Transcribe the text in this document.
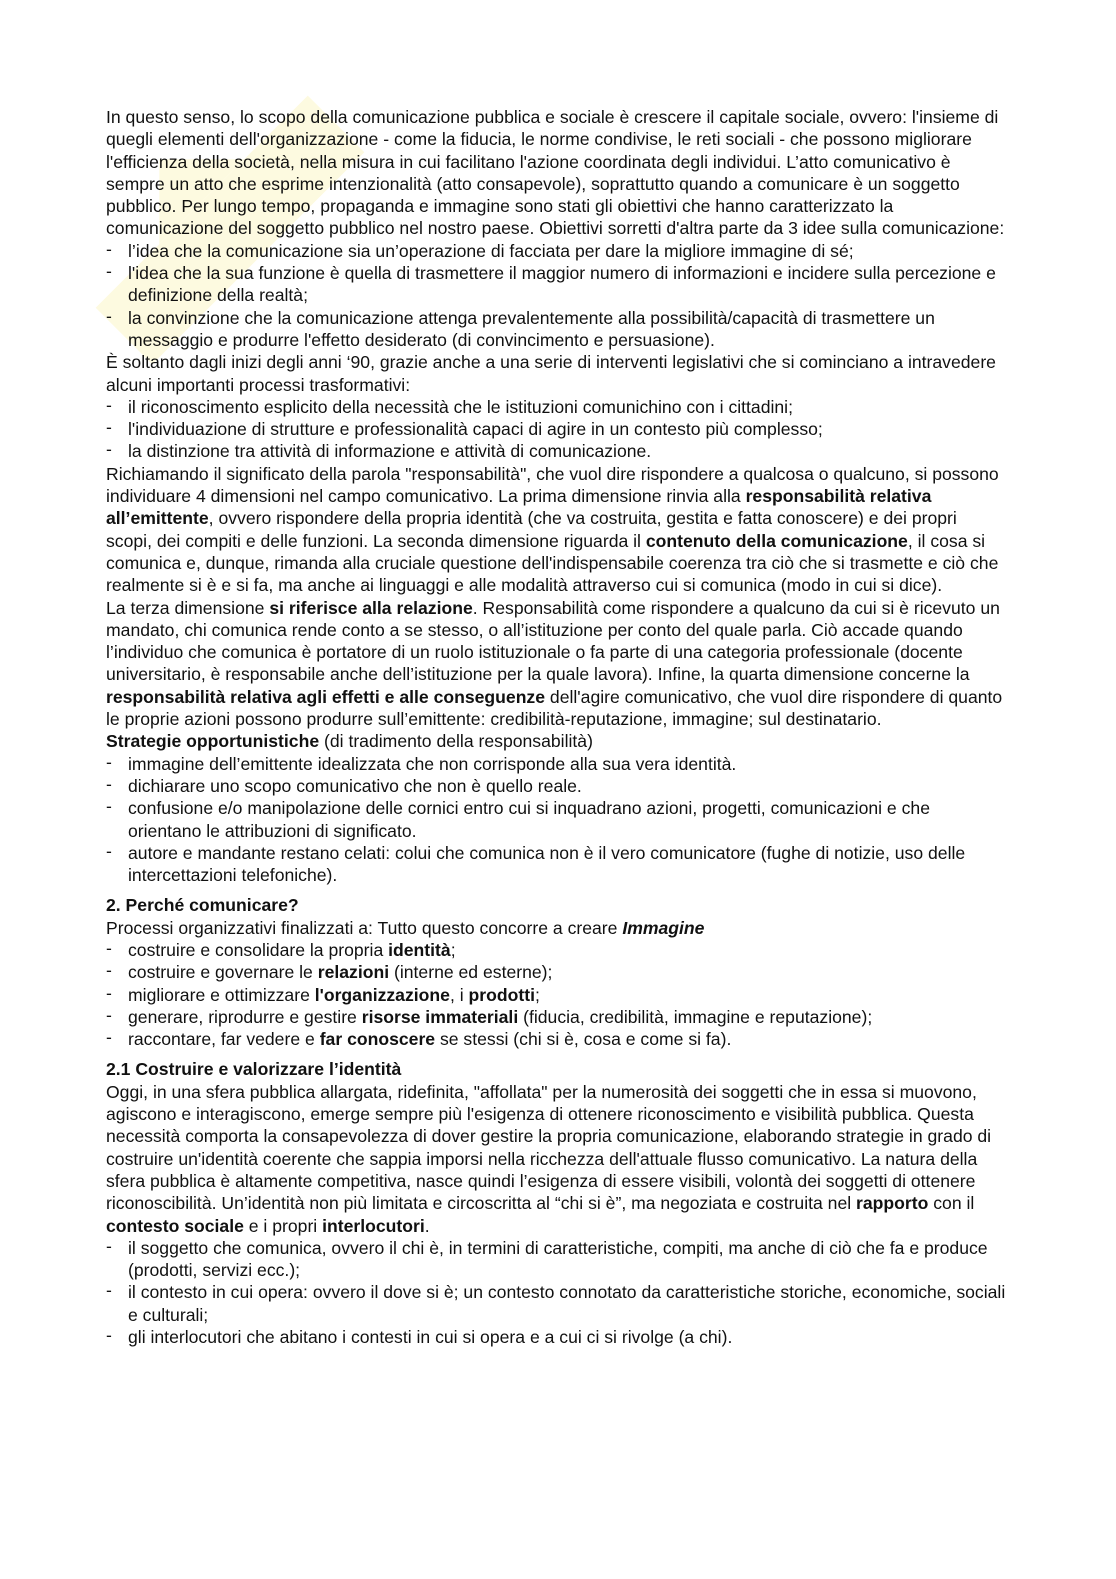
In questo senso, lo scopo della comunicazione pubblica e sociale è crescere il capitale sociale, ovvero: l'insieme di quegli elementi dell'organizzazione - come la fiducia, le norme condivise, le reti sociali - che possono migliorare l'efficienza della società, nella misura in cui facilitano l'azione coordinata degli individui. L’atto comunicativo è sempre un atto che esprime intenzionalità (atto consapevole), soprattutto quando a comunicare è un soggetto pubblico. Per lungo tempo, propaganda e immagine sono stati gli obiettivi che hanno caratterizzato la comunicazione del soggetto pubblico nel nostro paese. Obiettivi sorretti d'altra parte da 3 idee sulla comunicazione:

- l’idea che la comunicazione sia un’operazione di facciata per dare la migliore immagine di sé;
- l'idea che la sua funzione è quella di trasmettere il maggior numero di informazioni e incidere sulla percezione e definizione della realtà;
- la convinzione che la comunicazione attenga prevalentemente alla possibilità/capacità di trasmettere un messaggio e produrre l'effetto desiderato (di convincimento e persuasione).

È soltanto dagli inizi degli anni ‘90, grazie anche a una serie di interventi legislativi che si cominciano a intravedere alcuni importanti processi trasformativi:

- il riconoscimento esplicito della necessità che le istituzioni comunichino con i cittadini;
- l'individuazione di strutture e professionalità capaci di agire in un contesto più complesso;
- la distinzione tra attività di informazione e attività di comunicazione.

Richiamando il significato della parola "responsabilità", che vuol dire rispondere a qualcosa o qualcuno, si possono individuare 4 dimensioni nel campo comunicativo. La prima dimensione rinvia alla responsabilità relativa all’emittente, ovvero rispondere della propria identità (che va costruita, gestita e fatta conoscere) e dei propri scopi, dei compiti e delle funzioni. La seconda dimensione riguarda il contenuto della comunicazione, il cosa si comunica e, dunque, rimanda alla cruciale questione dell'indispensabile coerenza tra ciò che si trasmette e ciò che realmente si è e si fa, ma anche ai linguaggi e alle modalità attraverso cui si comunica (modo in cui si dice).

La terza dimensione si riferisce alla relazione. Responsabilità come rispondere a qualcuno da cui si è ricevuto un mandato, chi comunica rende conto a se stesso, o all’istituzione per conto del quale parla. Ciò accade quando l’individuo che comunica è portatore di un ruolo istituzionale o fa parte di una categoria professionale (docente universitario, è responsabile anche dell’istituzione per la quale lavora). Infine, la quarta dimensione concerne la responsabilità relativa agli effetti e alle conseguenze dell'agire comunicativo, che vuol dire rispondere di quanto le proprie azioni possono produrre sull’emittente: credibilità-reputazione, immagine; sul destinatario.

Strategie opportunistiche (di tradimento della responsabilità)

- immagine dell’emittente idealizzata che non corrisponde alla sua vera identità.
- dichiarare uno scopo comunicativo che non è quello reale.
- confusione e/o manipolazione delle cornici entro cui si inquadrano azioni, progetti, comunicazioni e che orientano le attribuzioni di significato.
- autore e mandante restano celati: colui che comunica non è il vero comunicatore (fughe di notizie, uso delle intercettazioni telefoniche).
2. Perché comunicare?

Processi organizzativi finalizzati a: Tutto questo concorre a creare Immagine

- costruire e consolidare la propria identità;
- costruire e governare le relazioni (interne ed esterne);
- migliorare e ottimizzare l'organizzazione, i prodotti;
- generare, riprodurre e gestire risorse immateriali (fiducia, credibilità, immagine e reputazione);
- raccontare, far vedere e far conoscere se stessi (chi si è, cosa e come si fa).
2.1 Costruire e valorizzare l’identità

Oggi, in una sfera pubblica allargata, ridefinita, "affollata" per la numerosità dei soggetti che in essa si muovono, agiscono e interagiscono, emerge sempre più l'esigenza di ottenere riconoscimento e visibilità pubblica. Questa necessità comporta la consapevolezza di dover gestire la propria comunicazione, elaborando strategie in grado di costruire un'identità coerente che sappia imporsi nella ricchezza dell'attuale flusso comunicativo. La natura della sfera pubblica è altamente competitiva, nasce quindi l’esigenza di essere visibili, volontà dei soggetti di ottenere riconoscibilità. Un’identità non più limitata e circoscritta al “chi si è”, ma negoziata e costruita nel rapporto con il contesto sociale e i propri interlocutori.

- il soggetto che comunica, ovvero il chi è, in termini di caratteristiche, compiti, ma anche di ciò che fa e produce (prodotti, servizi ecc.);
- il contesto in cui opera: ovvero il dove si è; un contesto connotato da caratteristiche storiche, economiche, sociali e culturali;
- gli interlocutori che abitano i contesti in cui si opera e a cui ci si rivolge (a chi).
